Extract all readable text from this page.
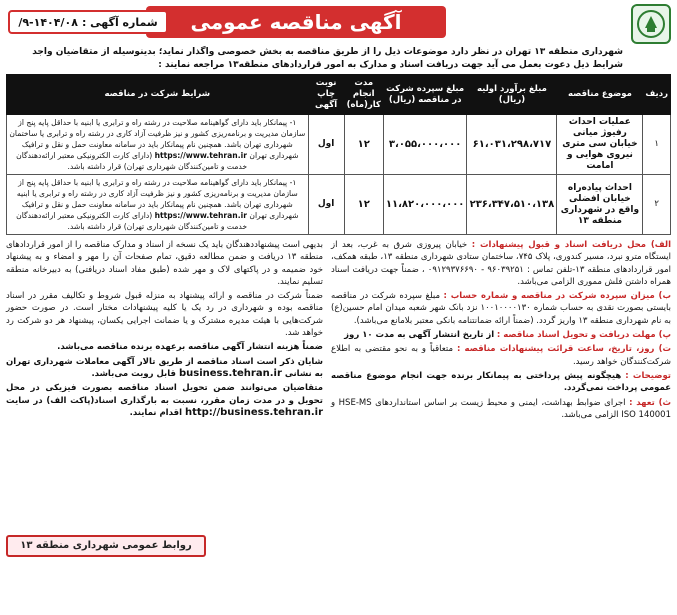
آگهی مناقصه عمومی
شماره آگهی :
۹-۱۴۰۴/۰۸/

شهرداری منطقه ۱۳ تهران در نظر دارد موضوعات ذیل را از طریق مناقصه به بخش خصوصی واگذار نماید؛ بدینوسیله از متقاضیان واجد شرایط ذیل دعوت بعمل می آید جهت دریافت اسناد و مدارک به امور قراردادهای منطقه۱۳ مراجعه نمایند :

ردیف	موضوع مناقصه	مبلغ برآورد اولیه (ریال)	مبلغ سپرده شرکت در مناقصه (ریال)	مدت انجام کار(ماه)	نوبت چاپ آگهی	شرایط شرکت در مناقصه
۱	عملیات احداث رفیوژ میانی خیابان سی متری نیروی هوایی و امامت	۶۱،۰۳۱،۲۹۸،۷۱۷	۳،۰۵۵،۰۰۰،۰۰۰	۱۲	اول	۱- پیمانکار باید دارای گواهینامه صلاحیت در رشته راه و ترابری یا ابنیه با حداقل پایه پنج از سازمان مدیریت و برنامه‌ریزی کشور و نیز ظرفیت آزاد کاری در رشته راه و ترابری یا ساختمان شهرداری تهران باشد. همچنین نام پیمانکار باید در سامانه معاونت حمل و نقل و ترافیک شهرداری تهران https://www.tehran.ir (دارای کارت الکترونیکی معتبر ارائه‌دهندگان خدمت و تامین‌کنندگان شهرداری تهران) قرار داشته باشد.
۲	احداث پیاده‌راه خیابان افضلی واقع در شهرداری منطقه ۱۳	۲۳۶،۳۴۷،۵۱۰،۱۳۸	۱۱،۸۲۰،۰۰۰،۰۰۰	۱۲	اول	۱- پیمانکار باید دارای گواهینامه صلاحیت در رشته راه و ترابری یا ابنیه با حداقل پایه پنج از سازمان مدیریت و برنامه‌ریزی کشور و نیز ظرفیت آزاد کاری در رشته راه و ترابری یا ابنیه شهرداری تهران باشد. همچنین نام پیمانکار باید در سامانه معاونت حمل و نقل و ترافیک شهرداری تهران https://www.tehran.ir (دارای کارت الکترونیکی معتبر ارائه‌دهندگان خدمت و تامین‌کنندگان شهرداری تهران) قرار داشته باشد.

الف) محل دریافت اسناد و قبول پیشنهادات : خیابان پیروزی شرق به غرب، بعد از ایستگاه مترو نبرد، مسیر کندوری، پلاک ۷۴۵، ساختمان ستادی شهرداری منطقه ۱۳، طبقه همکف، امور قراردادهای منطقه ۱۳-تلفن تماس : ۹۶۰۳۹۲۵۱ - ۰۹۱۲۹۳۷۶۶۹۰ ، ضمناً جهت دریافت اسناد همراه داشتن فلش مموری الزامی می‌باشد.

ب) میزان سپرده شرکت در مناقصه و شماره حساب : مبلغ سپرده شرکت در مناقصه بایستی بصورت نقدی به حساب شماره ۱۰۰۱۰۰۰۰۱۳۰ نزد بانک شهر شعبه میدان امام حسین(ع) به نام شهرداری منطقه ۱۳ واریز گردد. (ضمناً ارائه ضمانتنامه بانکی معتبر بلامانع می‌باشد).

پ) مهلت دریافت و تحویل اسناد مناقصه : از تاریخ انتشار آگهی به مدت ۱۰ روز

ت) روز، تاریخ، ساعت قرائت پیشنهادات مناقصه : متعاقباً و به نحو مقتضی به اطلاع شرکت‌کنندگان خواهد رسید.

توضیحات : هیچگونه پیش پرداختی به پیمانکار برنده جهت انجام موضوع مناقصه عمومی پرداخت نمی‌گردد.

ث) تعهد : اجرای ضوابط بهداشت، ایمنی و محیط زیست بر اساس استانداردهای HSE-MS و ISO 140001 الزامی می‌باشد.

بدیهی است پیشنهاددهندگان باید یک نسخه از اسناد و مدارک مناقصه را از امور قراردادهای منطقه ۱۳ دریافت و ضمن مطالعه دقیق، تمام صفحات آن را مهر و امضاء و به پیشنهاد خود ضمیمه و در پاکتهای لاک و مهر شده (طبق مفاد اسناد دریافتی) به دبیرخانه منطقه تسلیم نمایند.

ضمناً شرکت در مناقصه و ارائه پیشنهاد به منزله قبول شروط و تکالیف مقرر در اسناد مناقصه بوده و شهرداری در رد یک یا کلیه پیشنهادات مختار است. در صورت حضور شرکت‌هایی با هیئت مدیره مشترک و یا ضمانت اجرایی یکسان، پیشنهاد هر دو شرکت رد خواهد شد.

ضمناً هزینه انتشار آگهی مناقصه برعهده برنده مناقصه می‌باشد.

شایان ذکر است اسناد مناقصه از طریق تالار آگهی معاملات شهرداری تهران به نشانی business.tehran.ir قابل رویت می‌باشد.

متقاضیان می‌توانند ضمن تحویل اسناد مناقصه بصورت فیزیکی در محل تحویل و در مدت زمان مقرر، نسبت به بارگذاری اسناد(پاکت الف) در سایت http://business.tehran.ir اقدام نمایند.

روابط عمومی شهرداری منطقه ۱۳
